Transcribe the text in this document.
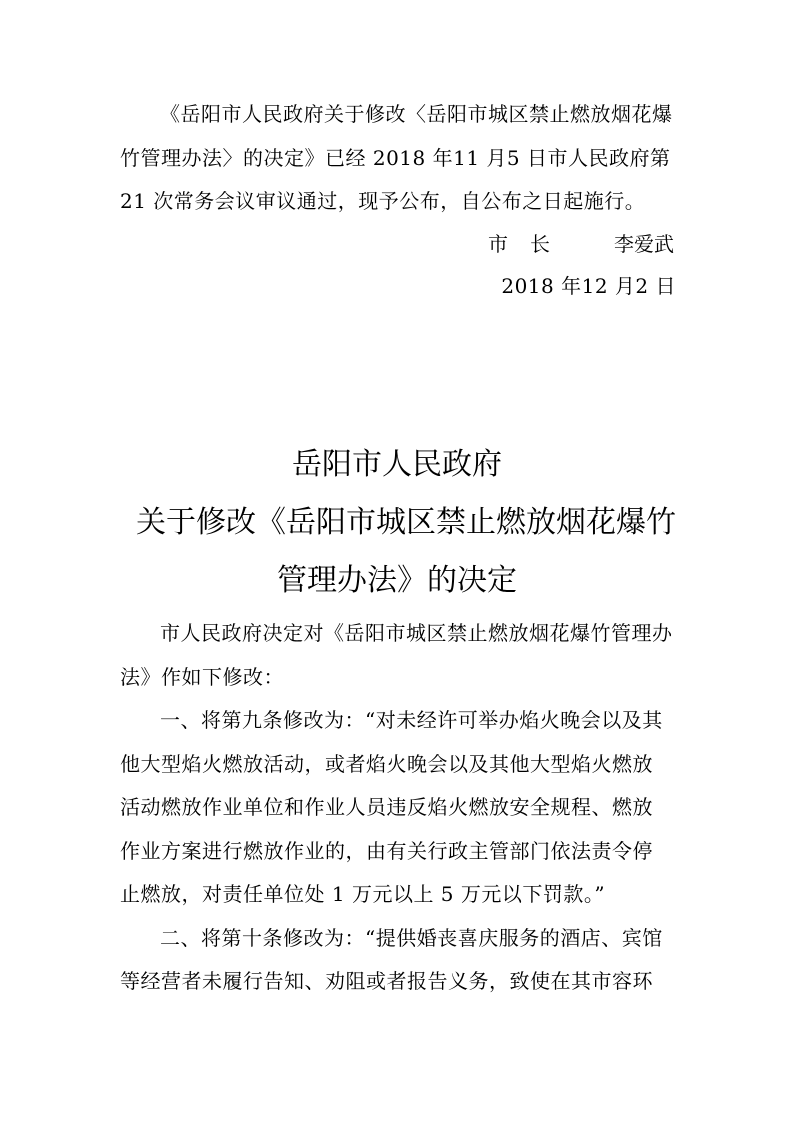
《岳阳市人民政府关于修改〈岳阳市城区禁止燃放烟花爆
竹管理办法〉的决定》已经 2018 年11 月5 日市人民政府第
21 次常务会议审议通过，现予公布，自公布之日起施行。
市长 李爱武
2018 年12 月2 日
岳阳市人民政府
关于修改《岳阳市城区禁止燃放烟花爆竹
管理办法》的决定
市人民政府决定对《岳阳市城区禁止燃放烟花爆竹管理办
法》作如下修改：
一、将第九条修改为：“对未经许可举办焰火晚会以及其
他大型焰火燃放活动，或者焰火晚会以及其他大型焰火燃放
活动燃放作业单位和作业人员违反焰火燃放安全规程、燃放
作业方案进行燃放作业的，由有关行政主管部门依法责令停
止燃放，对责任单位处 1 万元以上 5 万元以下罚款。”
二、将第十条修改为：“提供婚丧喜庆服务的酒店、宾馆
等经营者未履行告知、劝阻或者报告义务，致使在其市容环
